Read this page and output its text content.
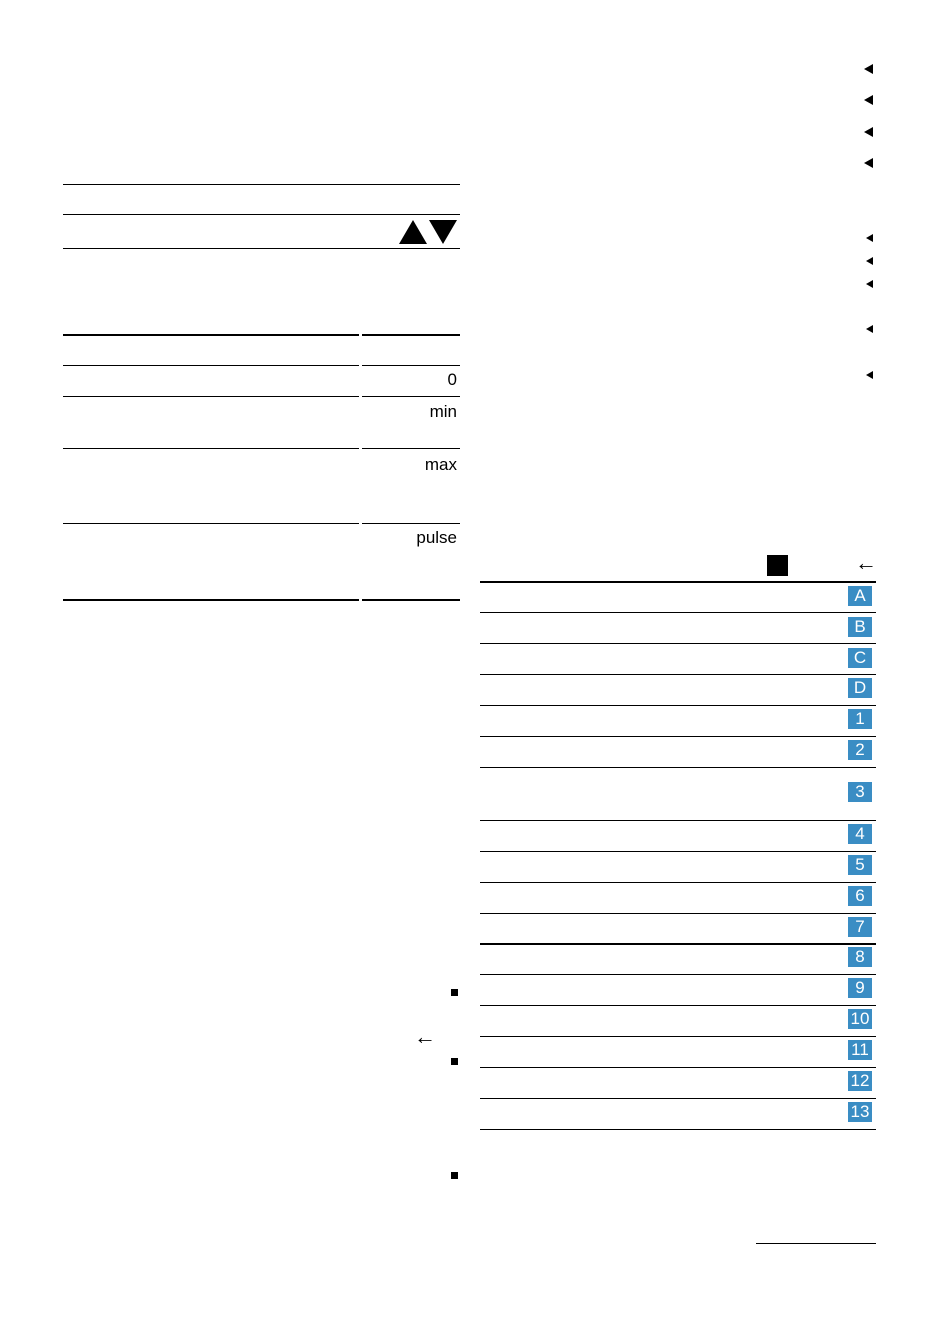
0
min
max
pulse
←
A
B
C
D
1
2
3
4
5
6
7
8
9
10
11
12
13
←
